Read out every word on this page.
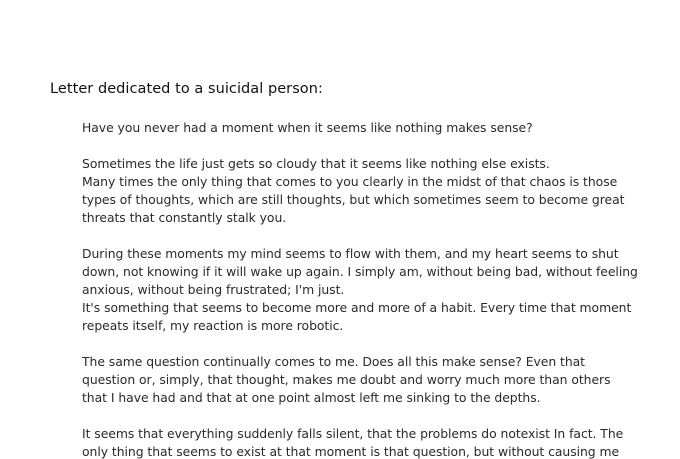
Letter dedicated to a suicidal person:
Have you never had a moment when it seems like nothing makes sense?
Sometimes the life just gets so cloudy that it seems like nothing else exists.
Many times the only thing that comes to you clearly in the midst of that chaos is those
types of thoughts, which are still thoughts, but which sometimes seem to become great
threats that constantly stalk you.
During these moments my mind seems to flow with them, and my heart seems to shut
down, not knowing if it will wake up again. I simply am, without being bad, without feeling
anxious, without being frustrated; I'm just.
It's something that seems to become more and more of a habit. Every time that moment
repeats itself, my reaction is more robotic.
The same question continually comes to me. Does all this make sense? Even that
question or, simply, that thought, makes me doubt and worry much more than others
that I have had and that at one point almost left me sinking to the depths.
It seems that everything suddenly falls silent, that the problems do notexist In fact. The
only thing that seems to exist at that moment is that question, but without causing me
